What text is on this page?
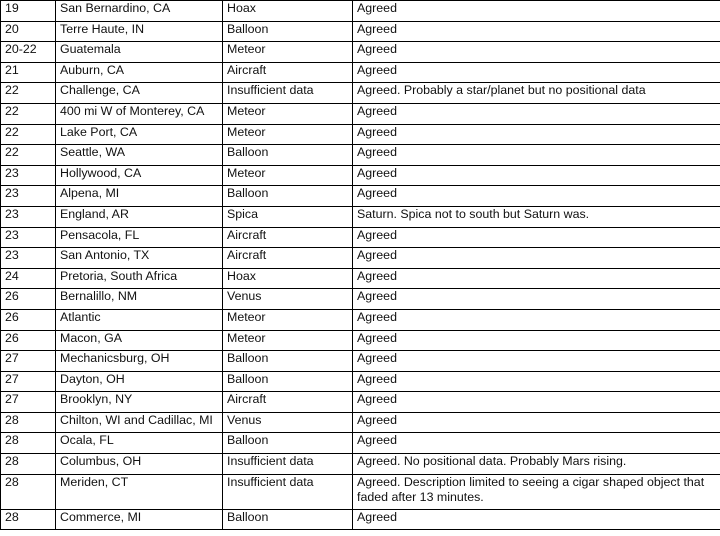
19	San Bernardino, CA	Hoax	Agreed
20	Terre Haute, IN	Balloon	Agreed
20-22	Guatemala	Meteor	Agreed
21	Auburn, CA	Aircraft	Agreed
22	Challenge, CA	Insufficient data	Agreed. Probably a star/planet but no positional data
22	400 mi W of Monterey, CA	Meteor	Agreed
22	Lake Port, CA	Meteor	Agreed
22	Seattle, WA	Balloon	Agreed
23	Hollywood, CA	Meteor	Agreed
23	Alpena, MI	Balloon	Agreed
23	England, AR	Spica	Saturn. Spica not to south but Saturn was.
23	Pensacola, FL	Aircraft	Agreed
23	San Antonio, TX	Aircraft	Agreed
24	Pretoria, South Africa	Hoax	Agreed
26	Bernalillo, NM	Venus	Agreed
26	Atlantic	Meteor	Agreed
26	Macon, GA	Meteor	Agreed
27	Mechanicsburg, OH	Balloon	Agreed
27	Dayton, OH	Balloon	Agreed
27	Brooklyn, NY	Aircraft	Agreed
28	Chilton, WI and Cadillac, MI	Venus	Agreed
28	Ocala, FL	Balloon	Agreed
28	Columbus, OH	Insufficient data	Agreed. No positional data. Probably Mars rising.
28	Meriden, CT	Insufficient data	Agreed. Description limited to seeing a cigar shaped object that faded after 13 minutes.
28	Commerce, MI	Balloon	Agreed
